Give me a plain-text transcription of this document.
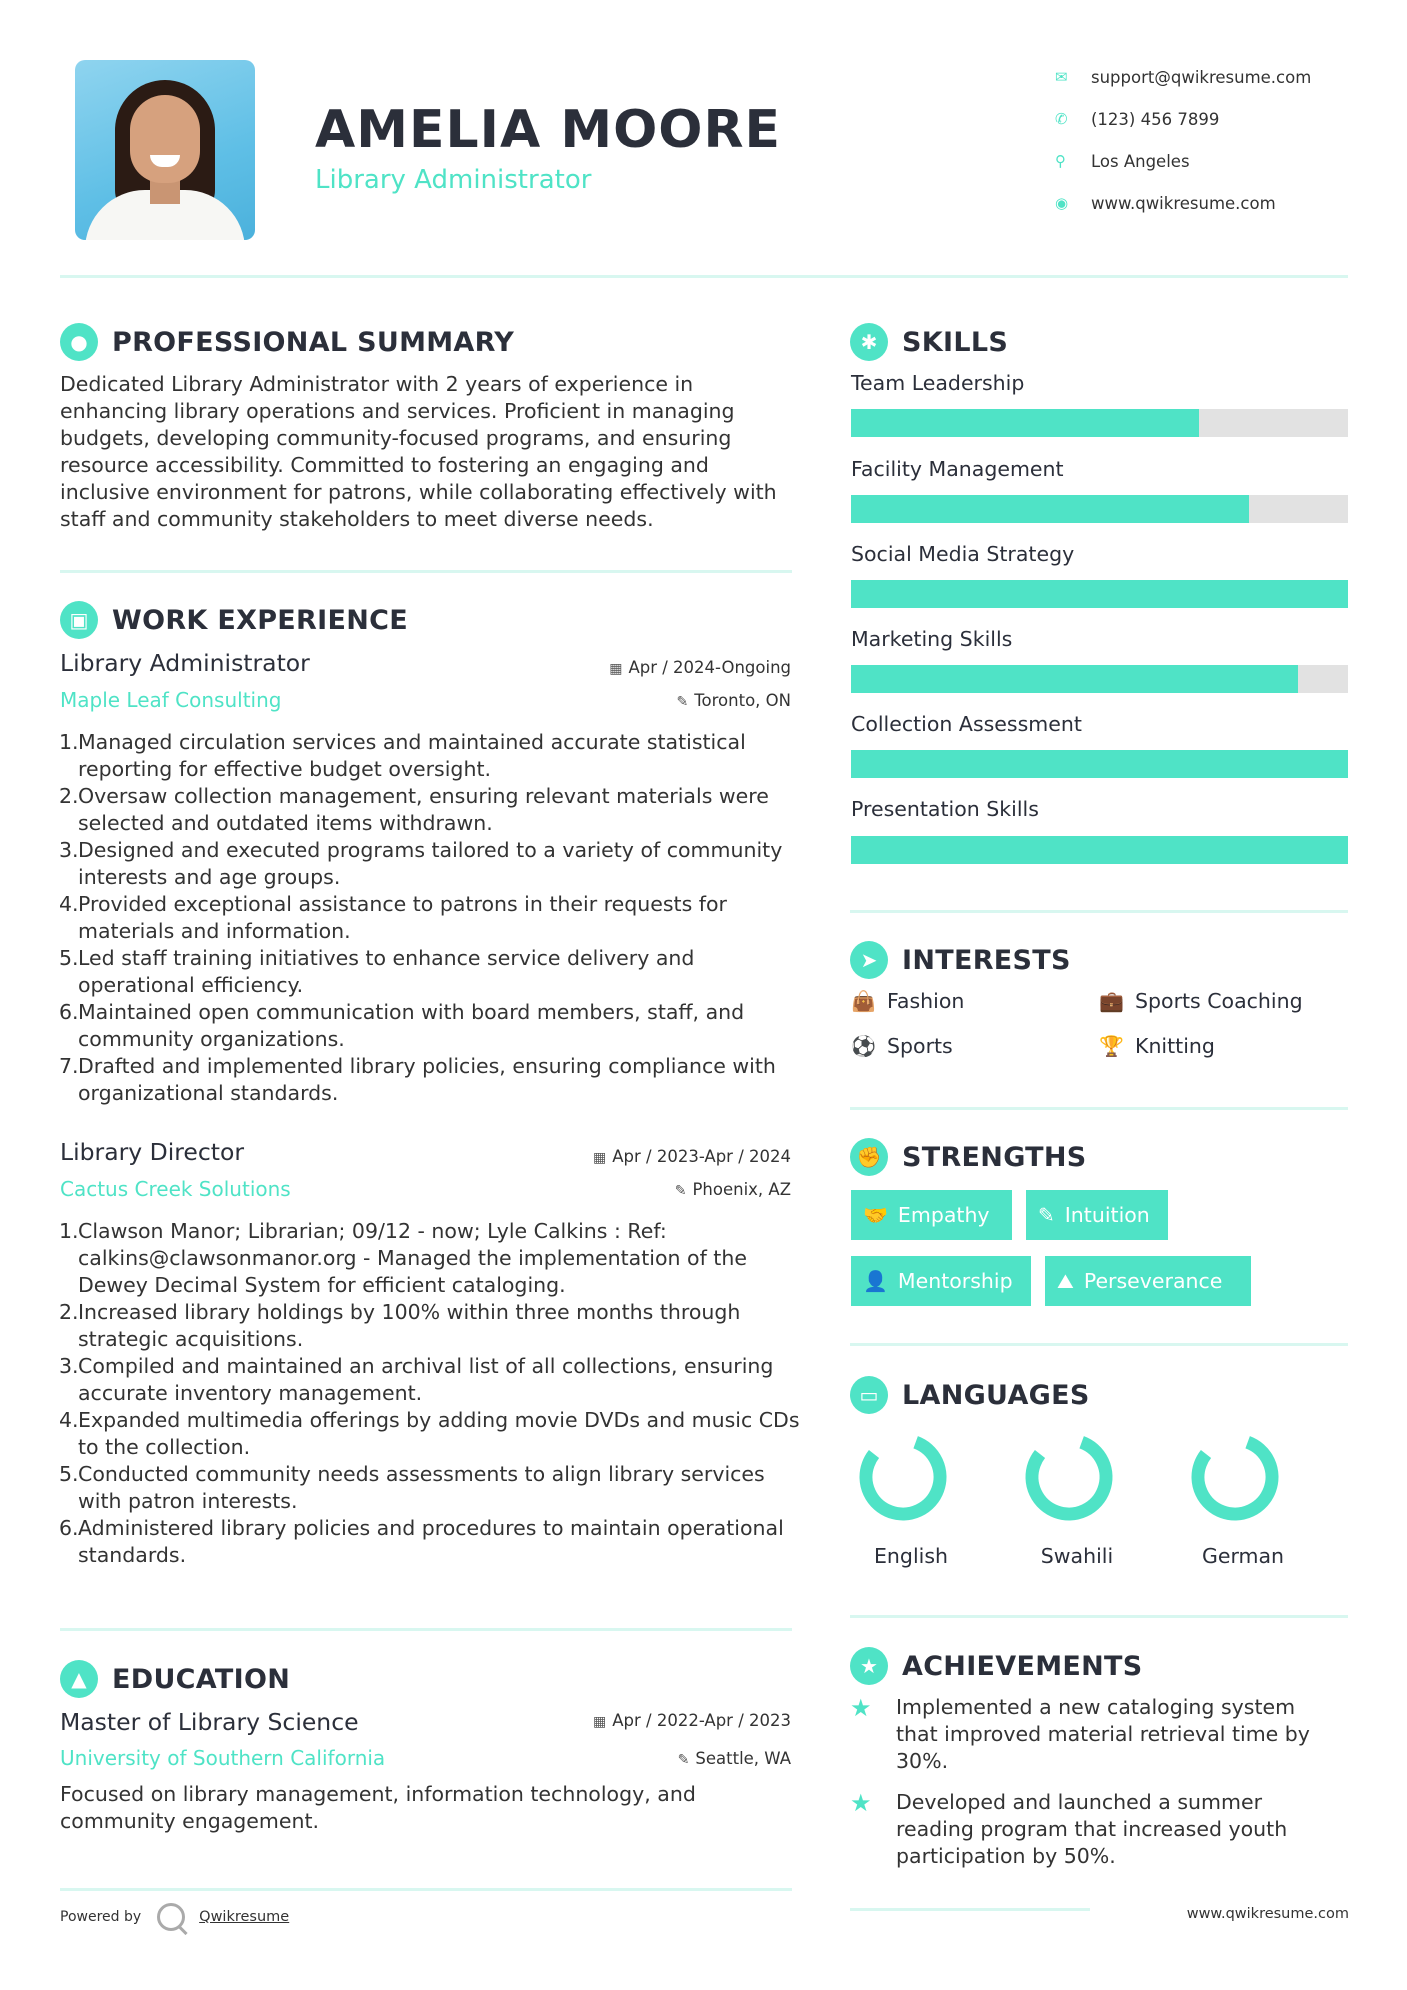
AMELIA MOORE
Library Administrator
✉	support@qwikresume.com
✆	(123) 456 7899
⚲	Los Angeles
◉	www.qwikresume.com
● PROFESSIONAL SUMMARY
Dedicated Library Administrator with 2 years of experience in enhancing library operations and services. Proficient in managing budgets, developing community-focused programs, and ensuring resource accessibility. Committed to fostering an engaging and inclusive environment for patrons, while collaborating effectively with staff and community stakeholders to meet diverse needs.
▣ WORK EXPERIENCE
Library Administrator	▦ Apr / 2024-Ongoing
Maple Leaf Consulting	✎ Toronto, ON
Managed circulation services and maintained accurate statistical reporting for effective budget oversight.
Oversaw collection management, ensuring relevant materials were selected and outdated items withdrawn.
Designed and executed programs tailored to a variety of community interests and age groups.
Provided exceptional assistance to patrons in their requests for materials and information.
Led staff training initiatives to enhance service delivery and operational efficiency.
Maintained open communication with board members, staff, and community organizations.
Drafted and implemented library policies, ensuring compliance with organizational standards.
Library Director	▦ Apr / 2023-Apr / 2024
Cactus Creek Solutions	✎ Phoenix, AZ
Clawson Manor; Librarian; 09/12 - now; Lyle Calkins : Ref: calkins@clawsonmanor.org - Managed the implementation of the Dewey Decimal System for efficient cataloging.
Increased library holdings by 100% within three months through strategic acquisitions.
Compiled and maintained an archival list of all collections, ensuring accurate inventory management.
Expanded multimedia offerings by adding movie DVDs and music CDs to the collection.
Conducted community needs assessments to align library services with patron interests.
Administered library policies and procedures to maintain operational standards.
▲ EDUCATION
Master of Library Science	▦ Apr / 2022-Apr / 2023
University of Southern California	✎ Seattle, WA
Focused on library management, information technology, and community engagement.
✱ SKILLS
Team Leadership
Facility Management
Social Media Strategy
Marketing Skills
Collection Assessment
Presentation Skills
➤ INTERESTS
👜 Fashion	💼 Sports Coaching
⚽ Sports	🏆 Knitting
✊ STRENGTHS
🤝 Empathy ✎ Intuition
👤 Mentorship ⛰ Perseverance
▭ LANGUAGES
English	Swahili	German
★ ACHIEVEMENTS
★	Implemented a new cataloging system that improved material retrieval time by 30%.
★	Developed and launched a summer reading program that increased youth participation by 50%.
Powered by	Qwikresume	www.qwikresume.com
